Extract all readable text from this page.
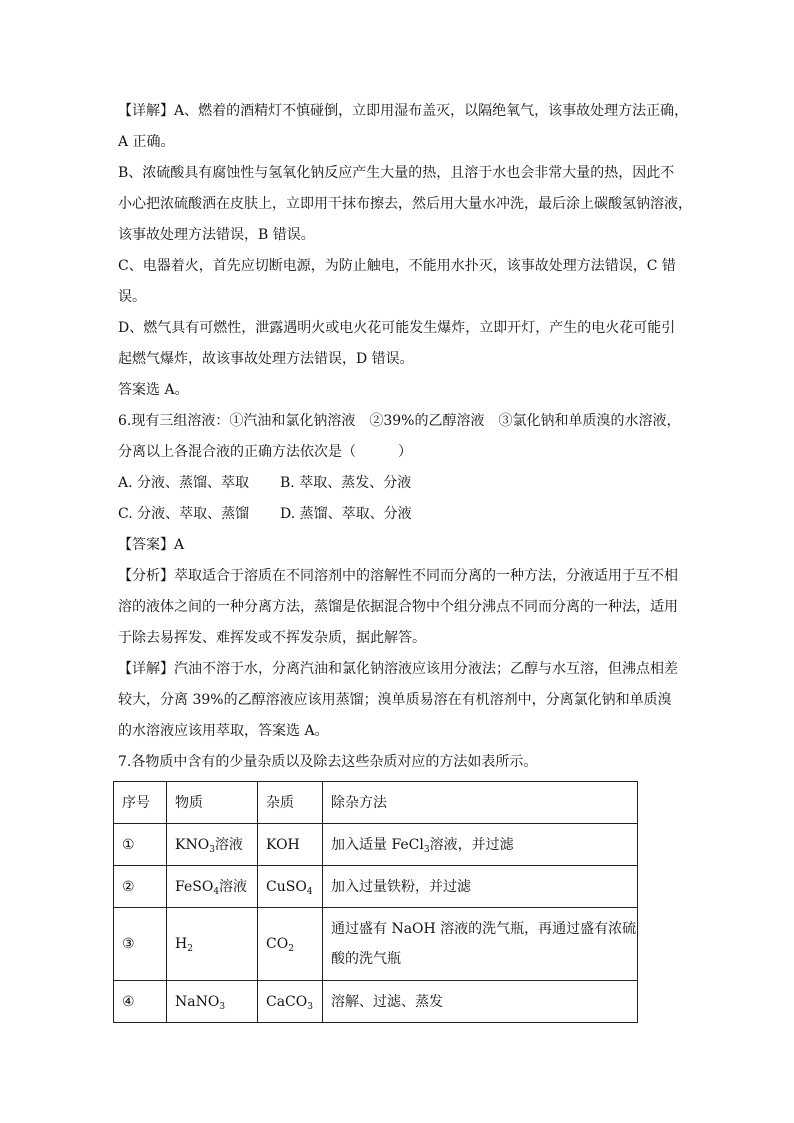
【详解】A、燃着的酒精灯不慎碰倒，立即用湿布盖灭，以隔绝氧气，该事故处理方法正确，
A 正确。
B、浓硫酸具有腐蚀性与氢氧化钠反应产生大量的热，且溶于水也会非常大量的热，因此不
小心把浓硫酸洒在皮肤上，立即用干抹布擦去，然后用大量水冲洗，最后涂上碳酸氢钠溶液，
该事故处理方法错误，B 错误。
C、电器着火，首先应切断电源，为防止触电，不能用水扑灭，该事故处理方法错误，C 错
误。
D、燃气具有可燃性，泄露遇明火或电火花可能发生爆炸，立即开灯，产生的电火花可能引
起燃气爆炸，故该事故处理方法错误，D 错误。
答案选 A。
6.现有三组溶液：①汽油和氯化钠溶液　②39%的乙醇溶液　③氯化钠和单质溴的水溶液，
分离以上各混合液的正确方法依次是（　　　）
A. 分液、蒸馏、萃取 B. 萃取、蒸发、分液
C. 分液、萃取、蒸馏 D. 蒸馏、萃取、分液
【答案】A
【分析】萃取适合于溶质在不同溶剂中的溶解性不同而分离的一种方法，分液适用于互不相
溶的液体之间的一种分离方法，蒸馏是依据混合物中个组分沸点不同而分离的一种法，适用
于除去易挥发、难挥发或不挥发杂质，据此解答。
【详解】汽油不溶于水，分离汽油和氯化钠溶液应该用分液法；乙醇与水互溶，但沸点相差
较大，分离 39%的乙醇溶液应该用蒸馏；溴单质易溶在有机溶剂中，分离氯化钠和单质溴
的水溶液应该用萃取，答案选 A。
7.各物质中含有的少量杂质以及除去这些杂质对应的方法如表所示。
序号	物质	杂质	除杂方法
①	$KNO_3$溶液	KOH	加入适量 FeCl$_3$溶液，并过滤
②	FeSO$_4$溶液	CuSO$_4$	加入过量铁粉，并过滤
③	$H_2$	$CO_2$	通过盛有 NaOH 溶液的洗气瓶，再通过盛有浓硫
酸的洗气瓶
④	NaNO$_3$	CaCO$_3$	溶解、过滤、蒸发
